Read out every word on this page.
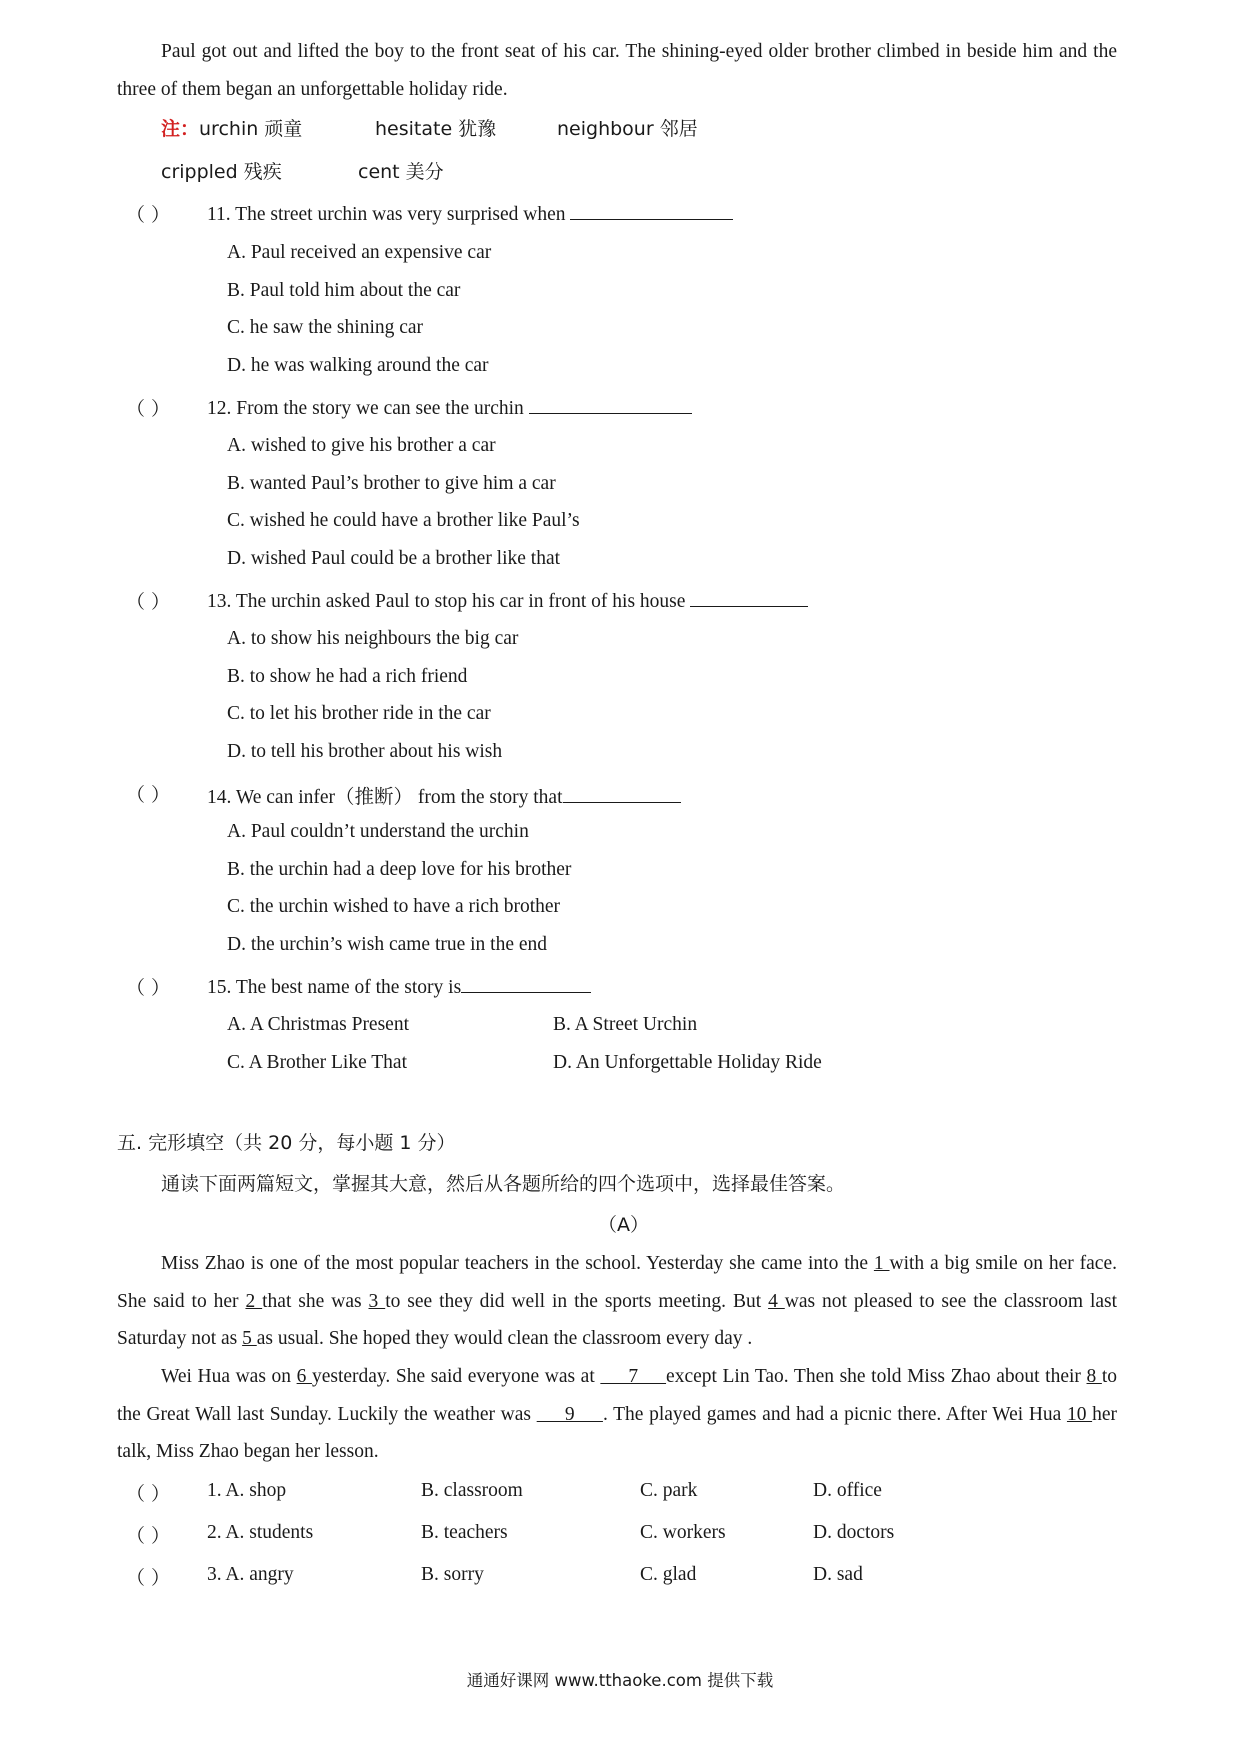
Paul got out and lifted the boy to the front seat of his car. The shining-eyed older brother climbed in beside him and the three of them began an unforgettable holiday ride.
注：urchin 顽童	hesitate 犹豫	neighbour 邻居
crippled 残疾	cent 美分
（ ） 11. The street urchin was very surprised when
A. Paul received an expensive car
B. Paul told him about the car
C. he saw the shining car
D. he was walking around the car
（ ） 12. From the story we can see the urchin
A. wished to give his brother a car
B. wanted Paul’s brother to give him a car
C. wished he could have a brother like Paul’s
D. wished Paul could be a brother like that
（ ） 13. The urchin asked Paul to stop his car in front of his house
A. to show his neighbours the big car
B. to show he had a rich friend
C. to let his brother ride in the car
D. to tell his brother about his wish
（ ） 14. We can infer（推断） from the story that
A. Paul couldn’t understand the urchin
B. the urchin had a deep love for his brother
C. the urchin wished to have a rich brother
D. the urchin’s wish came true in the end
（ ） 15. The best name of the story is
A. A Christmas Present	B. A Street Urchin
C. A Brother Like That	D. An Unforgettable Holiday Ride
五. 完形填空（共 20 分，每小题 1 分）
通读下面两篇短文，掌握其大意，然后从各题所给的四个选项中，选择最佳答案。
（A）
Miss Zhao is one of the most popular teachers in the school. Yesterday she came into the 1 with a big smile on her face. She said to her 2 that she was 3 to see they did well in the sports meeting. But 4 was not pleased to see the classroom last Saturday not as 5 as usual. She hoped they would clean the classroom every day .
Wei Hua was on 6 yesterday. She said everyone was at      7     except Lin Tao. Then she told Miss Zhao about their 8 to the Great Wall last Sunday. Luckily the weather was      9     . The played games and had a picnic there. After Wei Hua 10 her talk, Miss Zhao began her lesson.
（ ） 1. A. shop	B. classroom	C. park	D. office
（ ） 2. A. students	B. teachers	C. workers	D. doctors
（ ） 3. A. angry	B. sorry	C. glad	D. sad
通通好课网 www.tthaoke.com 提供下载
